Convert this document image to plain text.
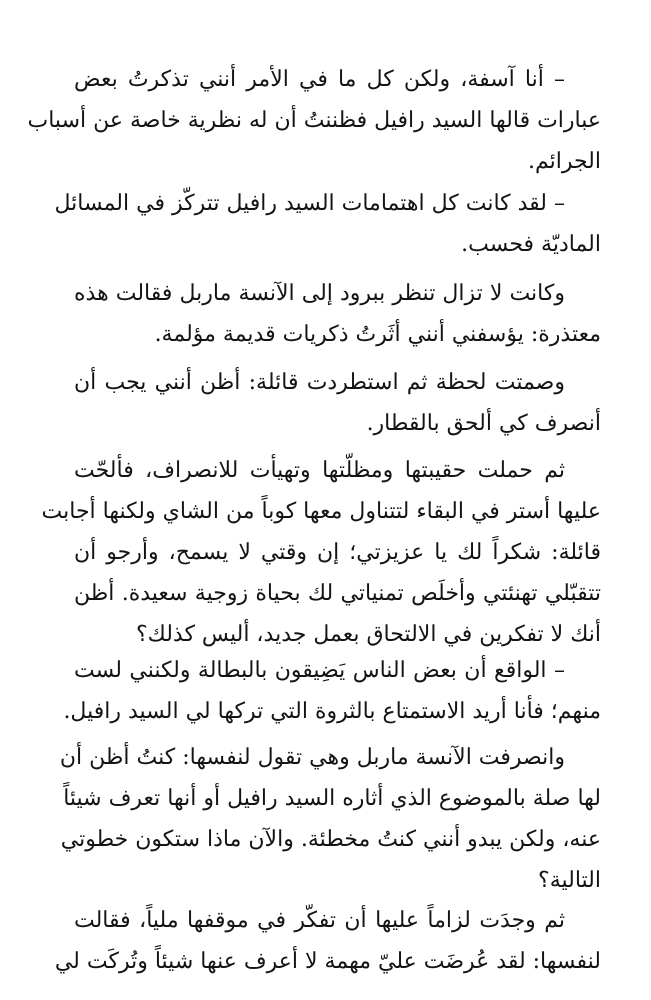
– أنا آسفة، ولكن كل ما في الأمر أنني تذكرتُ بعض
عبارات قالها السيد رافيل فظننتُ أن له نظرية خاصة عن أسباب
الجرائم.
– لقد كانت كل اهتمامات السيد رافيل تتركّز في المسائل
الماديّة فحسب.
وكانت لا تزال تنظر ببرود إلى الآنسة ماربل فقالت هذه
معتذرة: يؤسفني أنني أثَرتُ ذكريات قديمة مؤلمة.
وصمتت لحظة ثم استطردت قائلة: أظن أنني يجب أن
أنصرف كي ألحق بالقطار.
ثم حملت حقيبتها ومظلّتها وتهيأت للانصراف، فألحّت
عليها أستر في البقاء لتتناول معها كوباً من الشاي ولكنها أجابت
قائلة: شكراً لك يا عزيزتي؛ إن وقتي لا يسمح، وأرجو أن
تتقبّلي تهنئتي وأخلَص تمنياتي لك بحياة زوجية سعيدة. أظن
أنك لا تفكرين في الالتحاق بعمل جديد، أليس كذلك؟
– الواقع أن بعض الناس يَضِيقون بالبطالة ولكنني لست
منهم؛ فأنا أريد الاستمتاع بالثروة التي تركها لي السيد رافيل.
وانصرفت الآنسة ماربل وهي تقول لنفسها: كنتُ أظن أن
لها صلة بالموضوع الذي أثاره السيد رافيل أو أنها تعرف شيئاً
عنه، ولكن يبدو أنني كنتُ مخطئة. والآن ماذا ستكون خطوتي
التالية؟
ثم وجدَت لزاماً عليها أن تفكّر في موقفها ملياً، فقالت
لنفسها: لقد عُرضَت عليّ مهمة لا أعرف عنها شيئاً وتُركَت لي
